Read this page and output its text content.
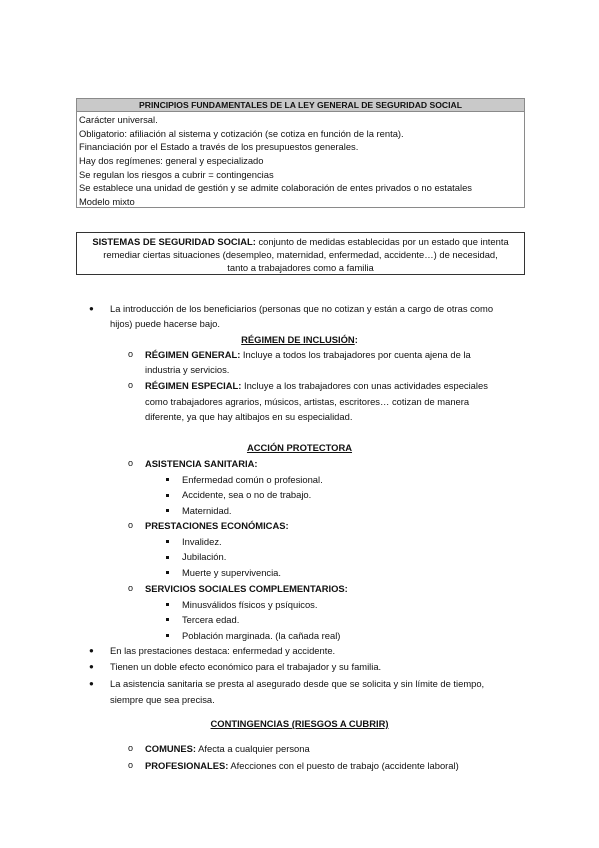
PRINCIPIOS FUNDAMENTALES DE LA LEY GENERAL DE SEGURIDAD SOCIAL
Carácter universal.
Obligatorio: afiliación al sistema y cotización (se cotiza en función de la renta).
Financiación por el Estado a través de los presupuestos generales.
Hay dos regímenes: general y especializado
Se regulan los riesgos a cubrir = contingencias
Se establece una unidad de gestión y se admite colaboración de entes privados o no estatales
Modelo mixto
SISTEMAS DE SEGURIDAD SOCIAL: conjunto de medidas establecidas por un estado que intenta
remediar ciertas situaciones (desempleo, maternidad, enfermedad, accidente…) de necesidad,
tanto a trabajadores como a familia
● La introducción de los beneficiarios (personas que no cotizan y están a cargo de otras como
hijos) puede hacerse bajo.
RÉGIMEN DE INCLUSIÓN:
o RÉGIMEN GENERAL: Incluye a todos los trabajadores por cuenta ajena de la
industria y servicios.
o RÉGIMEN ESPECIAL: Incluye a los trabajadores con unas actividades especiales
como trabajadores agrarios, músicos, artistas, escritores… cotizan de manera
diferente, ya que hay altibajos en su especialidad.
ACCIÓN PROTECTORA
o ASISTENCIA SANITARIA:
Enfermedad común o profesional.
Accidente, sea o no de trabajo.
Maternidad.
o PRESTACIONES ECONÓMICAS:
Invalidez.
Jubilación.
Muerte y supervivencia.
o SERVICIOS SOCIALES COMPLEMENTARIOS:
Minusválidos físicos y psíquicos.
Tercera edad.
Población marginada. (la cañada real)
● En las prestaciones destaca: enfermedad y accidente.
● Tienen un doble efecto económico para el trabajador y su familia.
● La asistencia sanitaria se presta al asegurado desde que se solicita y sin límite de tiempo,
siempre que sea precisa.
CONTINGENCIAS (RIESGOS A CUBRIR)
o COMUNES: Afecta a cualquier persona
o PROFESIONALES: Afecciones con el puesto de trabajo (accidente laboral)
